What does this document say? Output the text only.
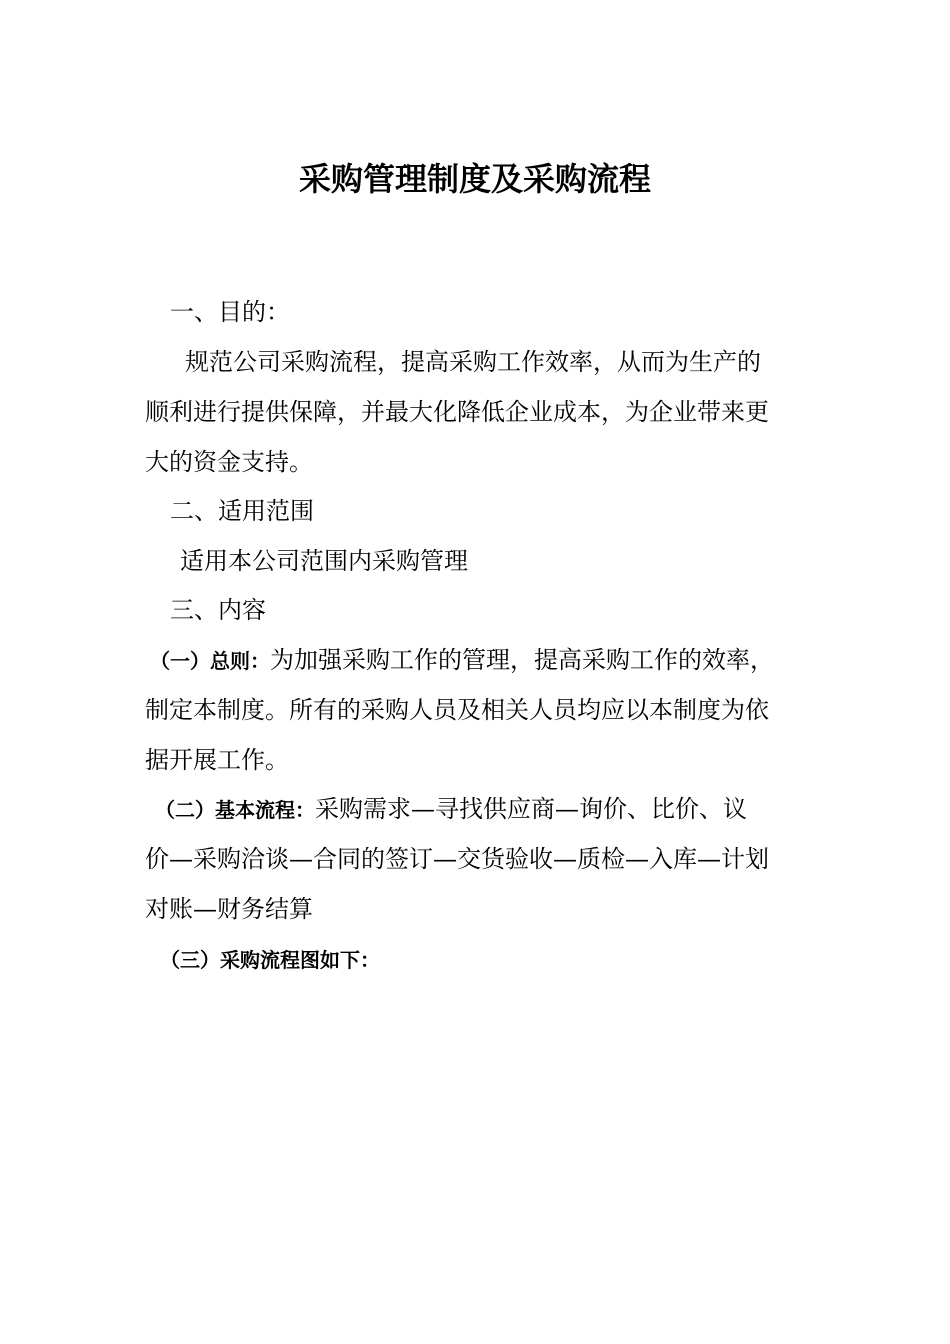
采购管理制度及采购流程
一、目的：
规范公司采购流程，提高采购工作效率，从而为生产的
顺利进行提供保障，并最大化降低企业成本，为企业带来更
大的资金支持。
二、适用范围
适用本公司范围内采购管理
三、内容
（一）总则：为加强采购工作的管理，提高采购工作的效率，
制定本制度。所有的采购人员及相关人员均应以本制度为依
据开展工作。
（二）基本流程：采购需求—寻找供应商—询价、比价、议
价—采购洽谈—合同的签订—交货验收—质检—入库—计划
对账—财务结算
（三）采购流程图如下：
